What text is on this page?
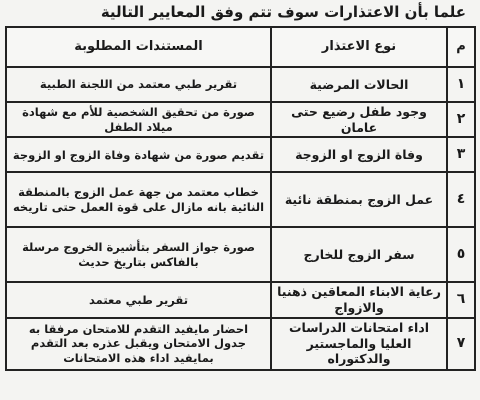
علما بأن الاعتذارات سوف تتم وفق المعايير التالية
م	نوع الاعتذار	المستندات المطلوبة
١	الحالات المرضية	تقرير طبي معتمد من اللجنة الطبية
٢	وجود طفل رضيع حتى عامان	صورة من تحقيق الشخصية للأم مع شهادة ميلاد الطفل
٣	وفاة الزوج او الزوجة	تقديم صورة من شهادة وفاة الزوج او الزوجة
٤	عمل الزوج بمنطقة نائية	خطاب معتمد من جهة عمل الزوج بالمنطقة النائية بانه مازال على قوة العمل حتى تاريخه
٥	سفر الزوج للخارج	صورة جواز السفر بتأشيرة الخروج مرسلة بالفاكس بتاريخ حديث
٦	رعاية الابناء المعاقين ذهنيا والازواج	تقرير طبي معتمد
٧	اداء امتحانات الدراسات العليا والماجستير والدكتوراه	احضار مايفيد التقدم للامتحان مرفقا به جدول الامتحان ويقبل عذره بعد التقدم بمايفيد اداء هذه الامتحانات
